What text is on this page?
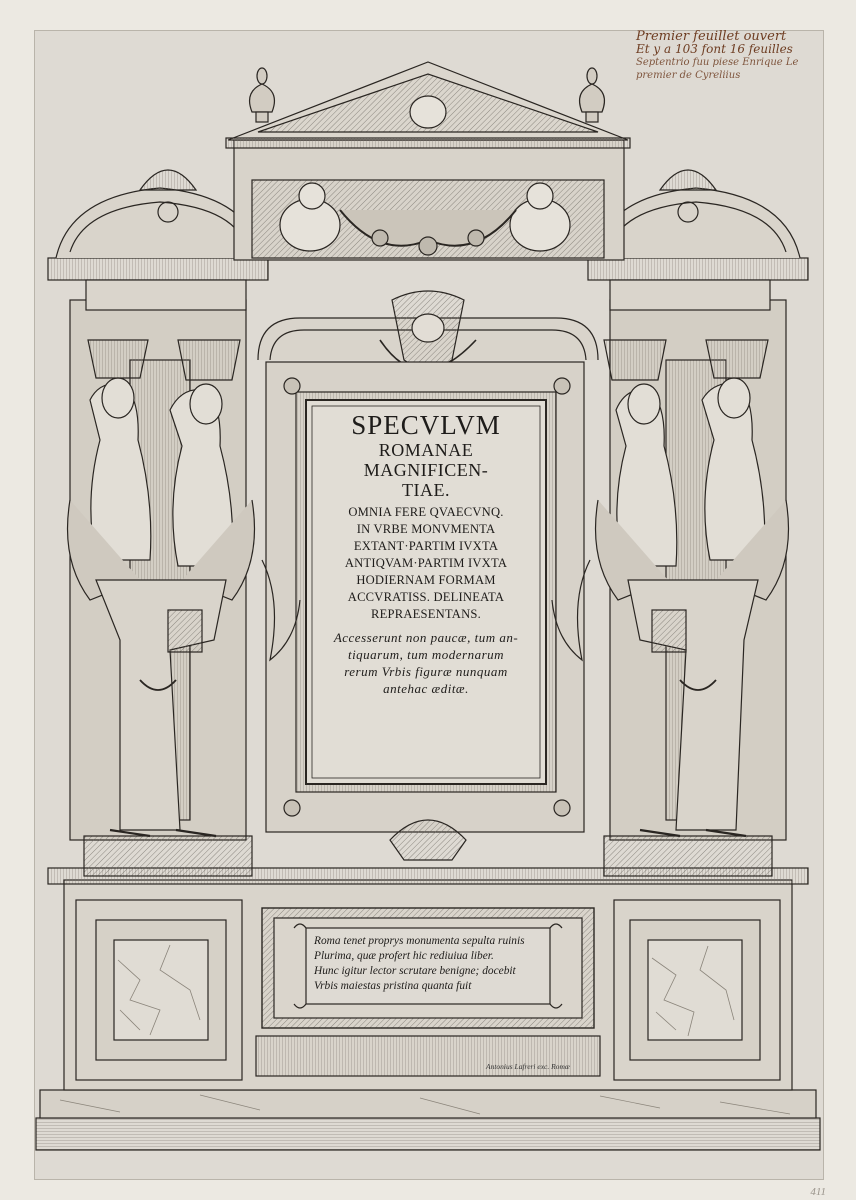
Premier feuillet ouvert
Et y a 103 font 16 feuilles
Septentrio fuu piese Enrique Le premier de Cyreliius
SPECVLVM
ROMANAE
MAGNIFICEN-
TIAE.
OMNIA FERE QVAECVNQ.
IN VRBE MONVMENTA
EXTANT·PARTIM IVXTA
ANTIQVAM·PARTIM IVXTA
HODIERNAM FORMAM
ACCVRATISS. DELINEATA
REPRAESENTANS.
Accesserunt non paucæ, tum an-
tiquarum, tum modernarum
rerum Vrbis figuræ nunquam
antehac æditæ.
Roma tenet proprys monumenta sepulta ruinis
Plurima, quæ profert hic rediuiua liber.
Hunc igitur lector scrutare benigne; docebit
Vrbis maiestas pristina quanta fuit
Antonius Lafreri exc. Romæ
411
